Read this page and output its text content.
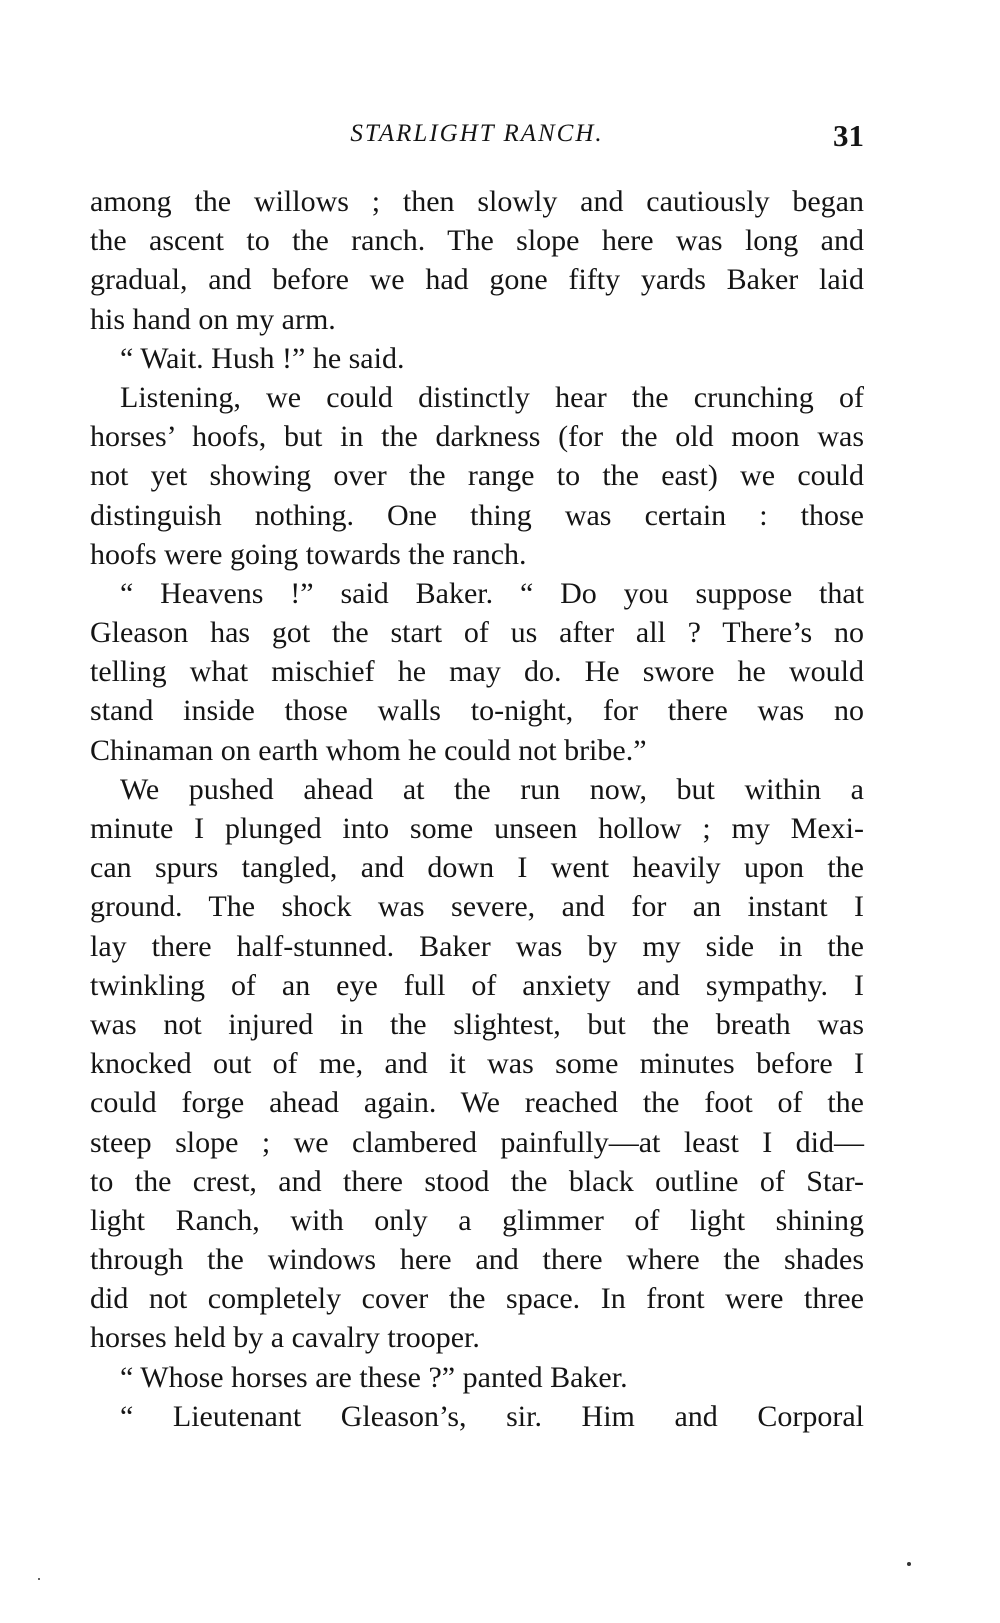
STARLIGHT RANCH.	31
among the willows ; then slowly and cautiously began
the ascent to the ranch. The slope here was long and
gradual, and before we had gone fifty yards Baker laid
his hand on my arm.
“ Wait. Hush !” he said.
Listening, we could distinctly hear the crunching of
horses’ hoofs, but in the darkness (for the old moon was
not yet showing over the range to the east) we could
distinguish nothing. One thing was certain : those
hoofs were going towards the ranch.
“ Heavens !” said Baker. “ Do you suppose that
Gleason has got the start of us after all ? There’s no
telling what mischief he may do. He swore he would
stand inside those walls to-night, for there was no
Chinaman on earth whom he could not bribe.”
We pushed ahead at the run now, but within a
minute I plunged into some unseen hollow ; my Mexi-
can spurs tangled, and down I went heavily upon the
ground. The shock was severe, and for an instant I
lay there half-stunned. Baker was by my side in the
twinkling of an eye full of anxiety and sympathy. I
was not injured in the slightest, but the breath was
knocked out of me, and it was some minutes before I
could forge ahead again. We reached the foot of the
steep slope ; we clambered painfully—at least I did—
to the crest, and there stood the black outline of Star-
light Ranch, with only a glimmer of light shining
through the windows here and there where the shades
did not completely cover the space. In front were three
horses held by a cavalry trooper.
“ Whose horses are these ?” panted Baker.
“ Lieutenant Gleason’s, sir. Him and Corporal
